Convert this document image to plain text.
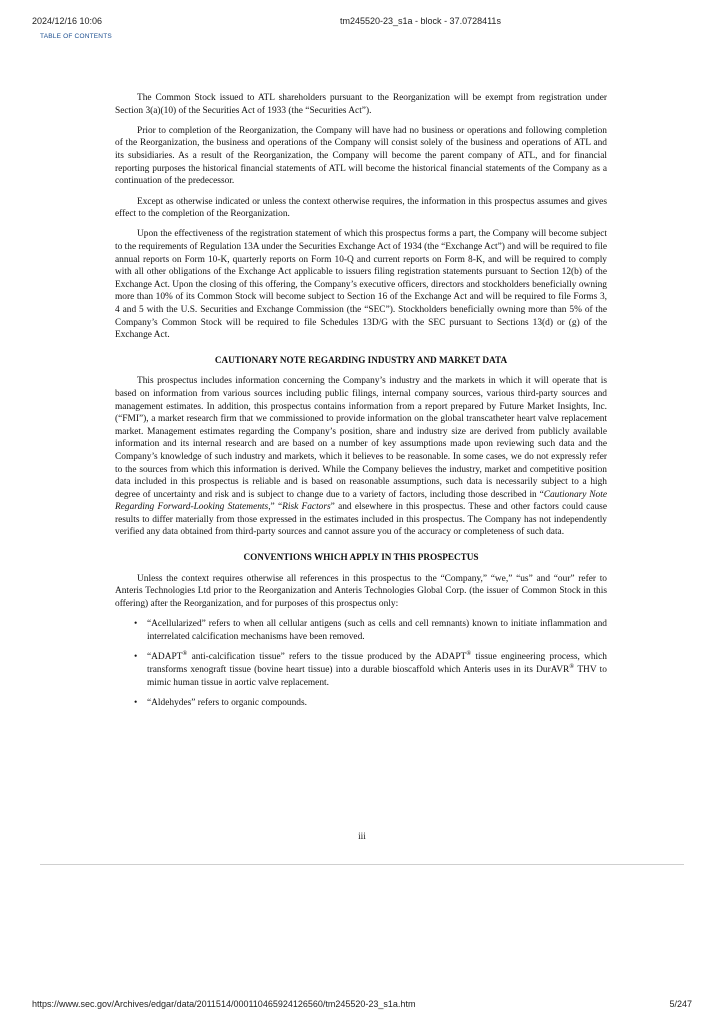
2024/12/16 10:06	tm245520-23_s1a - block - 37.0728411s
TABLE OF CONTENTS

The Common Stock issued to ATL shareholders pursuant to the Reorganization will be exempt from registration under Section 3(a)(10) of the Securities Act of 1933 (the “Securities Act”).

Prior to completion of the Reorganization, the Company will have had no business or operations and following completion of the Reorganization, the business and operations of the Company will consist solely of the business and operations of ATL and its subsidiaries. As a result of the Reorganization, the Company will become the parent company of ATL, and for financial reporting purposes the historical financial statements of ATL will become the historical financial statements of the Company as a continuation of the predecessor.

Except as otherwise indicated or unless the context otherwise requires, the information in this prospectus assumes and gives effect to the completion of the Reorganization.

Upon the effectiveness of the registration statement of which this prospectus forms a part, the Company will become subject to the requirements of Regulation 13A under the Securities Exchange Act of 1934 (the “Exchange Act”) and will be required to file annual reports on Form 10-K, quarterly reports on Form 10-Q and current reports on Form 8-K, and will be required to comply with all other obligations of the Exchange Act applicable to issuers filing registration statements pursuant to Section 12(b) of the Exchange Act. Upon the closing of this offering, the Company’s executive officers, directors and stockholders beneficially owning more than 10% of its Common Stock will become subject to Section 16 of the Exchange Act and will be required to file Forms 3, 4 and 5 with the U.S. Securities and Exchange Commission (the “SEC”). Stockholders beneficially owning more than 5% of the Company’s Common Stock will be required to file Schedules 13D/G with the SEC pursuant to Sections 13(d) or (g) of the Exchange Act.

CAUTIONARY NOTE REGARDING INDUSTRY AND MARKET DATA

This prospectus includes information concerning the Company’s industry and the markets in which it will operate that is based on information from various sources including public filings, internal company sources, various third-party sources and management estimates. In addition, this prospectus contains information from a report prepared by Future Market Insights, Inc. (“FMI”), a market research firm that we commissioned to provide information on the global transcatheter heart valve replacement market. Management estimates regarding the Company’s position, share and industry size are derived from publicly available information and its internal research and are based on a number of key assumptions made upon reviewing such data and the Company’s knowledge of such industry and markets, which it believes to be reasonable. In some cases, we do not expressly refer to the sources from which this information is derived. While the Company believes the industry, market and competitive position data included in this prospectus is reliable and is based on reasonable assumptions, such data is necessarily subject to a high degree of uncertainty and risk and is subject to change due to a variety of factors, including those described in “Cautionary Note Regarding Forward-Looking Statements,” “Risk Factors” and elsewhere in this prospectus. These and other factors could cause results to differ materially from those expressed in the estimates included in this prospectus. The Company has not independently verified any data obtained from third-party sources and cannot assure you of the accuracy or completeness of such data.

CONVENTIONS WHICH APPLY IN THIS PROSPECTUS

Unless the context requires otherwise all references in this prospectus to the “Company,” “we,” “us” and “our” refer to Anteris Technologies Ltd prior to the Reorganization and Anteris Technologies Global Corp. (the issuer of Common Stock in this offering) after the Reorganization, and for purposes of this prospectus only:

• “Acellularized” refers to when all cellular antigens (such as cells and cell remnants) known to initiate inflammation and interrelated calcification mechanisms have been removed.
• “ADAPT® anti-calcification tissue” refers to the tissue produced by the ADAPT® tissue engineering process, which transforms xenograft tissue (bovine heart tissue) into a durable bioscaffold which Anteris uses in its DurAVR® THV to mimic human tissue in aortic valve replacement.
• “Aldehydes” refers to organic compounds.
iii
https://www.sec.gov/Archives/edgar/data/2011514/000110465924126560/tm245520-23_s1a.htm	5/247
